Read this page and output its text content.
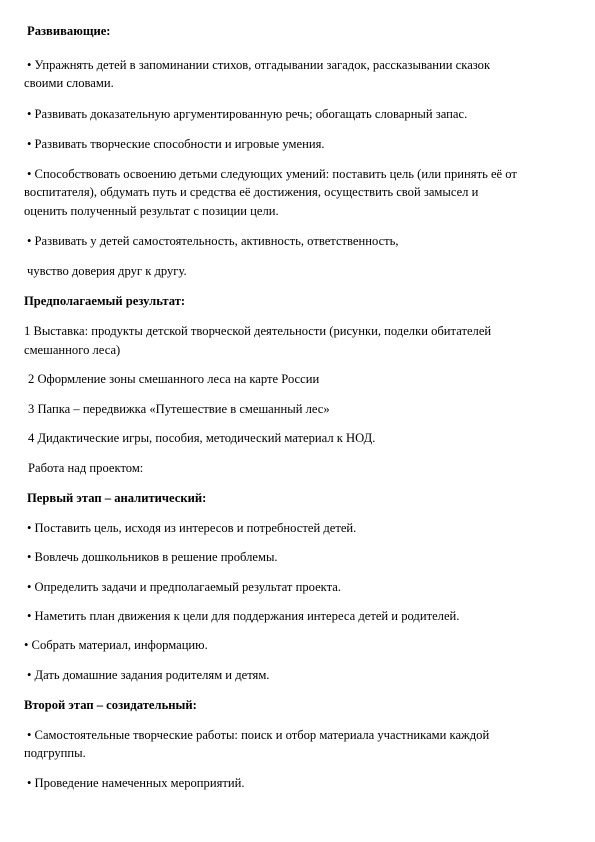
Развивающие:
• Упражнять детей в запоминании стихов, отгадывании загадок, рассказывании сказок
своими словами.
• Развивать доказательную аргументированную речь; обогащать словарный запас.
• Развивать творческие способности и игровые умения.
• Способствовать освоению детьми следующих умений: поставить цель (или принять её от
воспитателя), обдумать путь и средства её достижения, осуществить свой замысел и
оценить полученный результат с позиции цели.
• Развивать у детей самостоятельность, активность, ответственность,
чувство доверия друг к другу.
Предполагаемый результат:
1 Выставка: продукты детской творческой деятельности (рисунки, поделки обитателей
смешанного леса)
2 Оформление зоны смешанного леса на карте России
3 Папка – передвижка «Путешествие в смешанный лес»
4 Дидактические игры, пособия, методический материал к НОД.
Работа над проектом:
Первый этап – аналитический:
• Поставить цель, исходя из интересов и потребностей детей.
• Вовлечь дошкольников в решение проблемы.
• Определить задачи и предполагаемый результат проекта.
• Наметить план движения к цели для поддержания интереса детей и родителей.
• Собрать материал, информацию.
• Дать домашние задания родителям и детям.
Второй этап – созидательный:
• Самостоятельные творческие работы: поиск и отбор материала участниками каждой
подгруппы.
• Проведение намеченных мероприятий.
